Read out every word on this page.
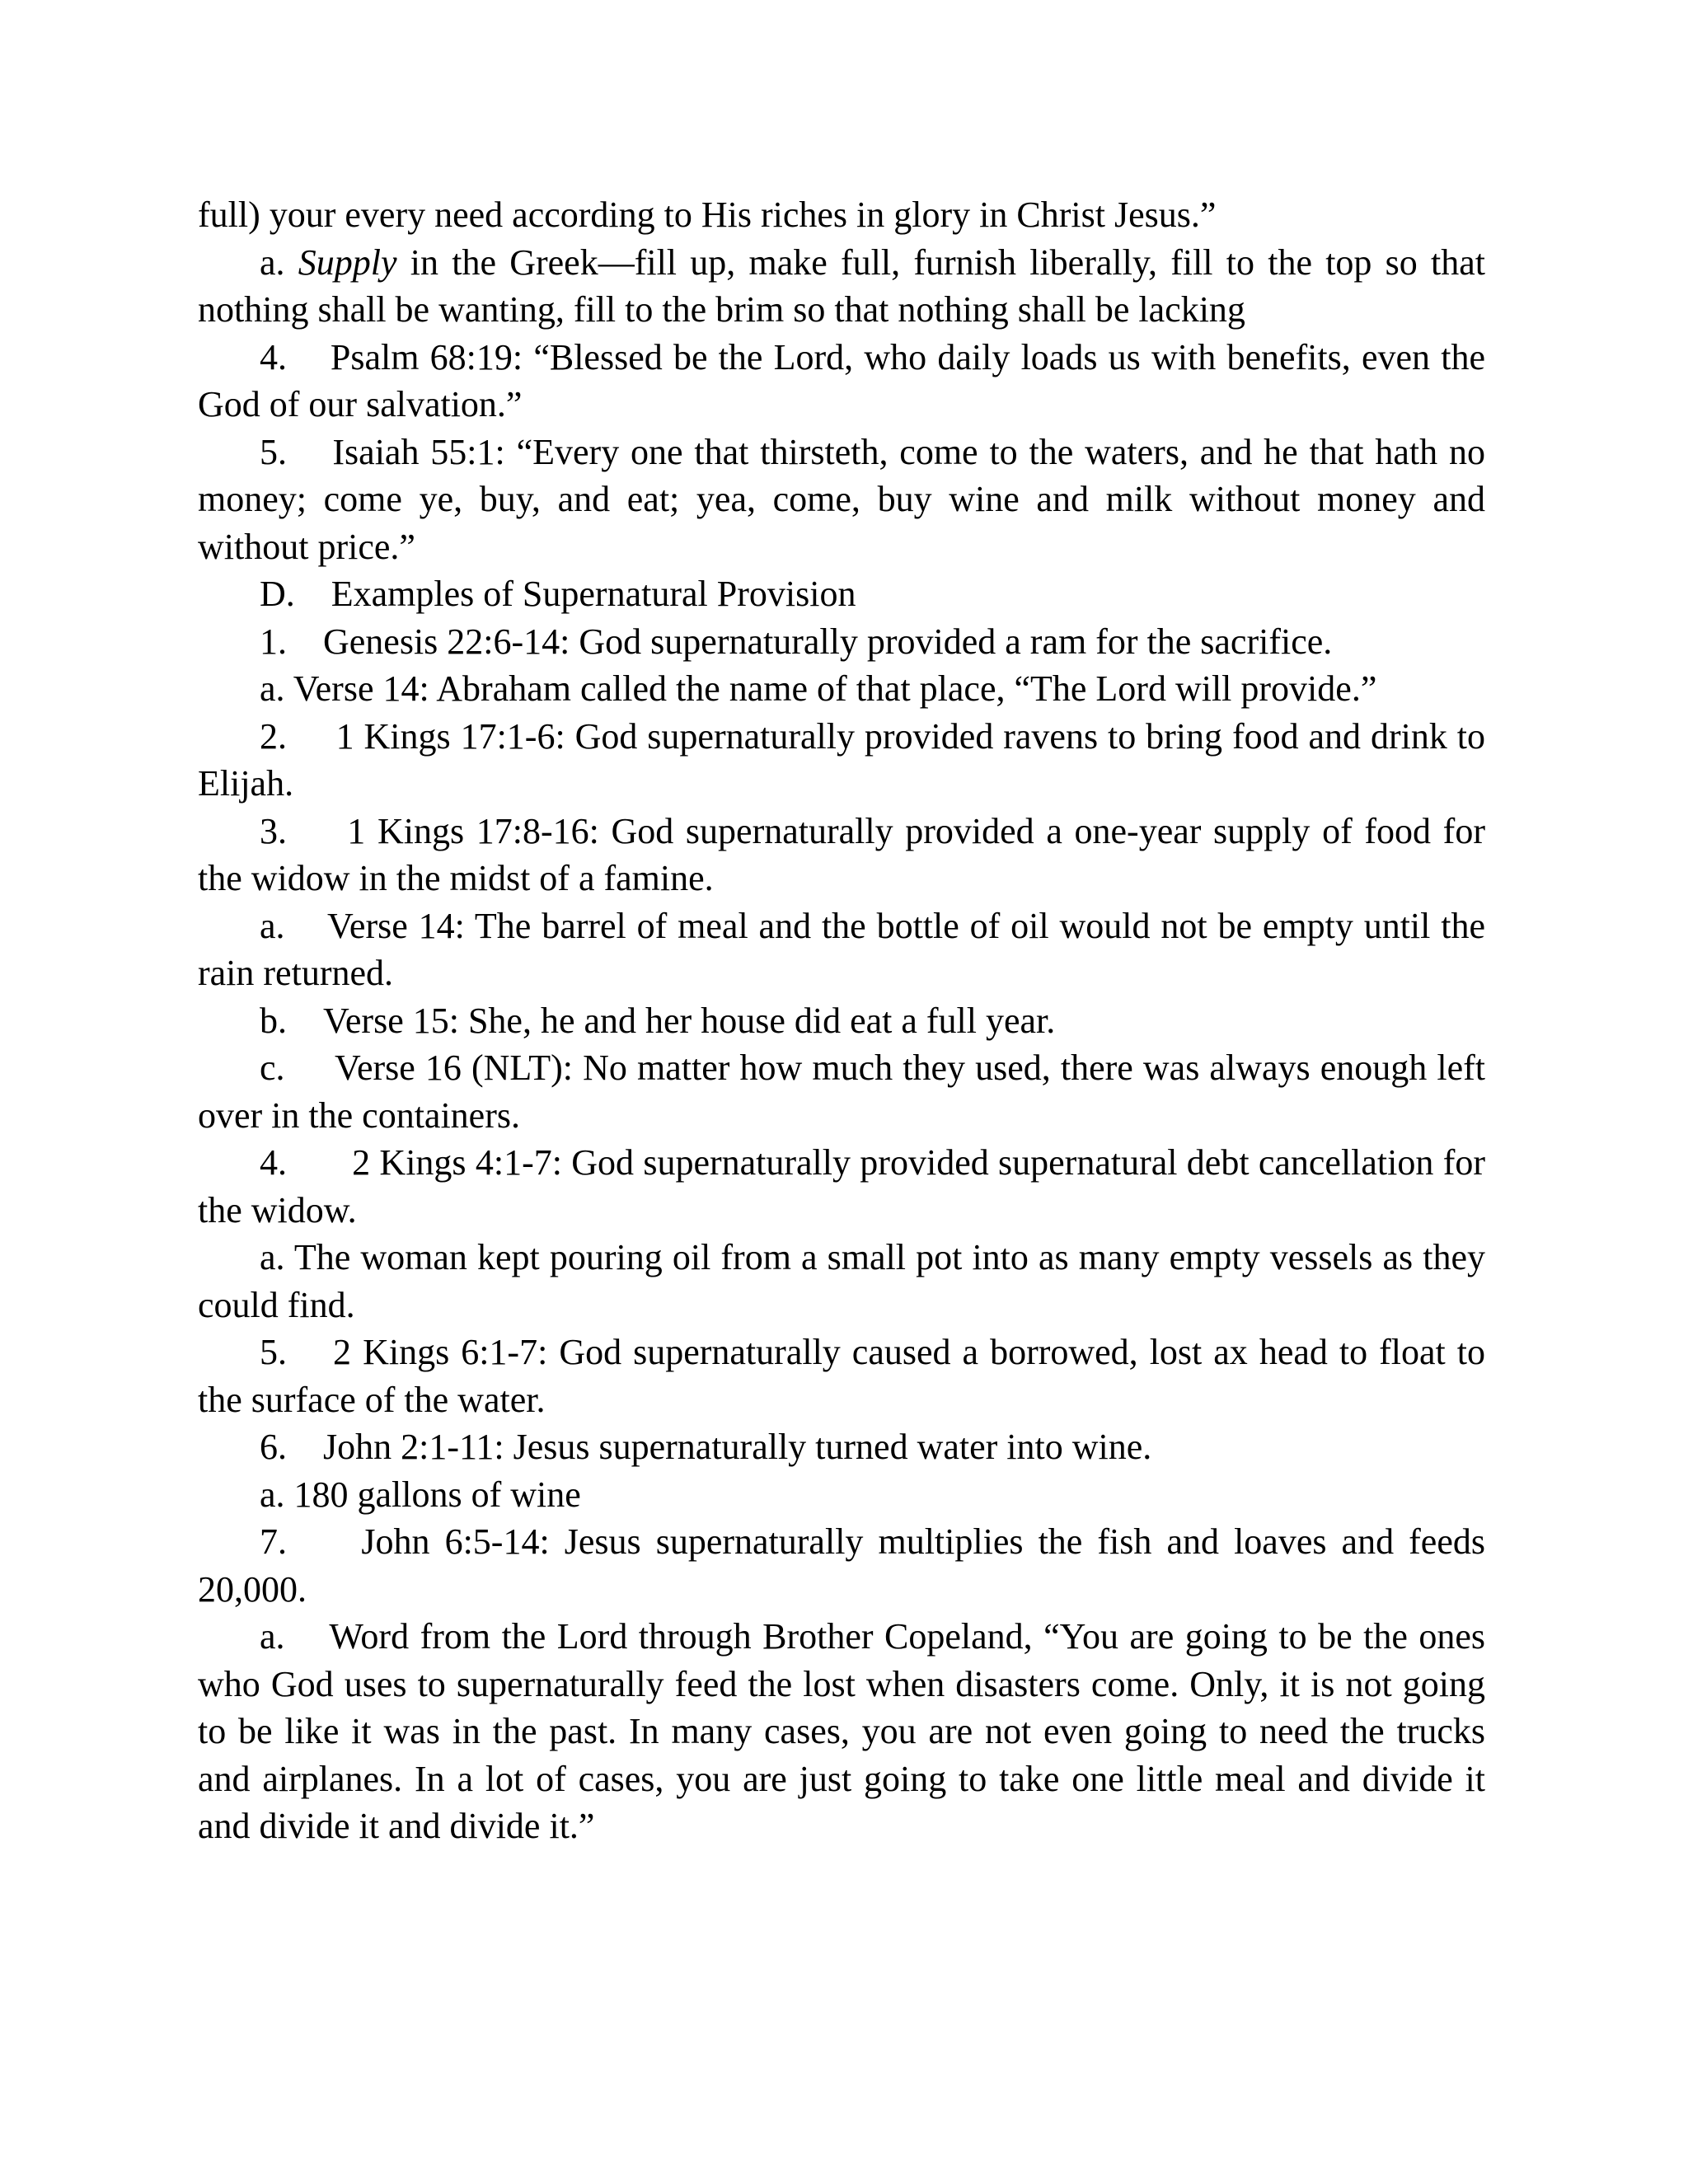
full) your every need according to His riches in glory in Christ Jesus.”

a. Supply in the Greek—fill up, make full, furnish liberally, fill to the top so that nothing shall be wanting, fill to the brim so that nothing shall be lacking

4.    Psalm 68:19: “Blessed be the Lord, who daily loads us with benefits, even the God of our salvation.”

5.    Isaiah 55:1: “Every one that thirsteth, come to the waters, and he that hath no money; come ye, buy, and eat; yea, come, buy wine and milk without money and without price.”

D.    Examples of Supernatural Provision

1.    Genesis 22:6-14: God supernaturally provided a ram for the sacrifice.

a. Verse 14: Abraham called the name of that place, “The Lord will provide.”

2.     1 Kings 17:1-6: God supernaturally provided ravens to bring food and drink to Elijah.

3.     1 Kings 17:8-16: God supernaturally provided a one-year supply of food for the widow in the midst of a famine.

a.    Verse 14: The barrel of meal and the bottle of oil would not be empty until the rain returned.

b.    Verse 15: She, he and her house did eat a full year.

c.     Verse 16 (NLT): No matter how much they used, there was always enough left over in the containers.

4.       2 Kings 4:1-7: God supernaturally provided supernatural debt cancellation for the widow.

a. The woman kept pouring oil from a small pot into as many empty vessels as they could find.

5.    2 Kings 6:1-7: God supernaturally caused a borrowed, lost ax head to float to the surface of the water.

6.    John 2:1-11: Jesus supernaturally turned water into wine.

a. 180 gallons of wine

7.     John 6:5-14: Jesus supernaturally multiplies the fish and loaves and feeds 20,000.

a.    Word from the Lord through Brother Copeland, “You are going to be the ones who God uses to supernaturally feed the lost when disasters come. Only, it is not going to be like it was in the past. In many cases, you are not even going to need the trucks and airplanes. In a lot of cases, you are just going to take one little meal and divide it and divide it and divide it.”
